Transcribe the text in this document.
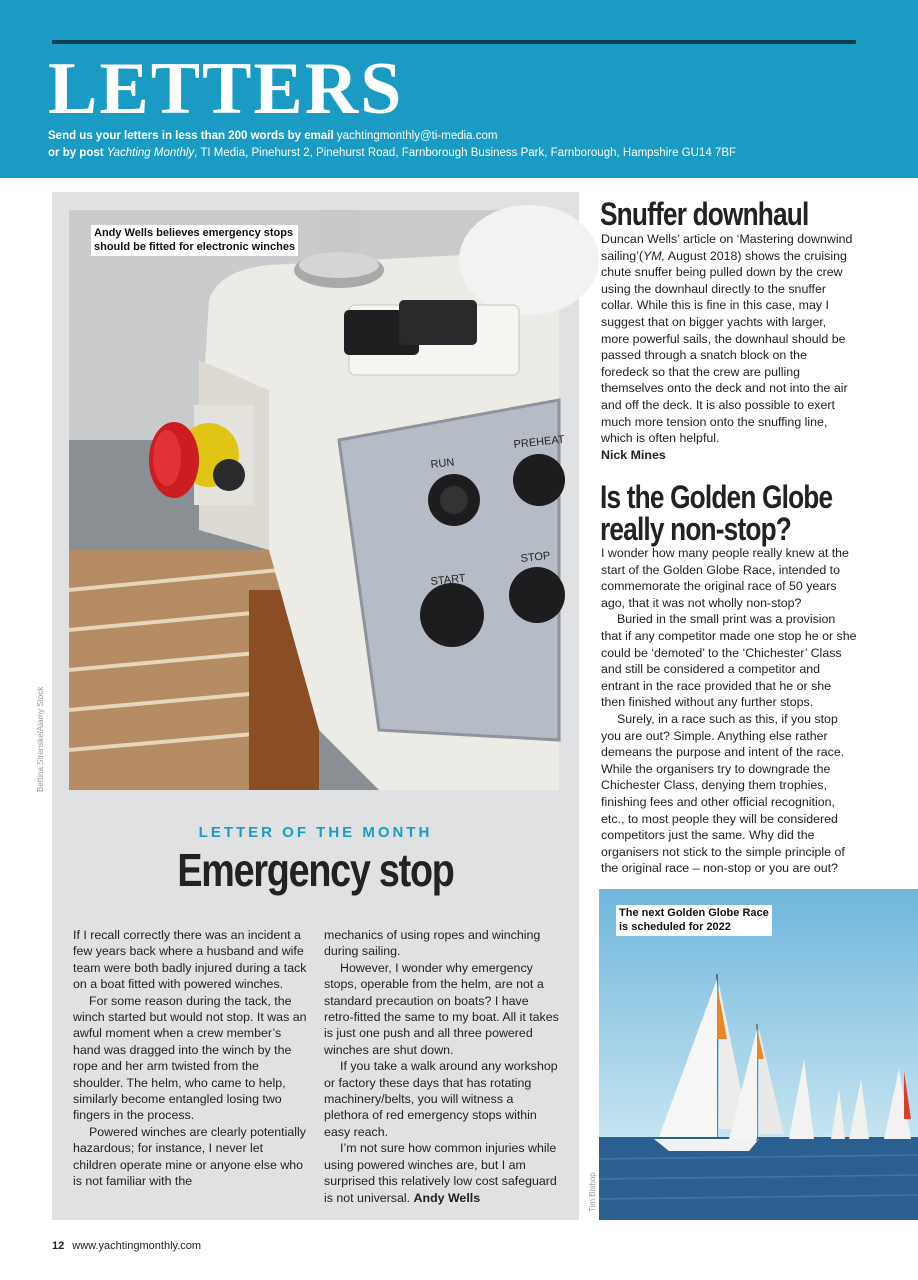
LETTERS
Send us your letters in less than 200 words by email yachtingmonthly@ti-media.com
or by post Yachting Monthly, TI Media, Pinehurst 2, Pinehurst Road, Farnborough Business Park, Farnborough, Hampshire GU14 7BF
RUN
PREHEAT
START
STOP
Andy Wells believes emergency stops
should be fitted for electronic winches
Bettina Strenske/Alamy Stock
LETTER OF THE MONTH
Emergency stop

If I recall correctly there was an incident a few years back where a husband and wife team were both badly injured during a tack on a boat fitted with powered winches.

For some reason during the tack, the winch started but would not stop. It was an awful moment when a crew member’s hand was dragged into the winch by the rope and her arm twisted from the shoulder. The helm, who came to help, similarly become entangled losing two fingers in the process.

Powered winches are clearly potentially hazardous; for instance, I never let children operate mine or anyone else who is not familiar with the

mechanics of using ropes and winching during sailing.

However, I wonder why emergency stops, operable from the helm, are not a standard precaution on boats? I have retro-fitted the same to my boat. All it takes is just one push and all three powered winches are shut down.

If you take a walk around any workshop or factory these days that has rotating machinery/belts, you will witness a plethora of red emergency stops within easy reach.

I’m not sure how common injuries while using powered winches are, but I am surprised this relatively low cost safeguard is not universal. Andy Wells

Snuffer downhaul

Duncan Wells’ article on ‘Mastering downwind sailing’(YM, August 2018) shows the cruising chute snuffer being pulled down by the crew using the downhaul directly to the snuffer collar. While this is fine in this case, may I suggest that on bigger yachts with larger, more powerful sails, the downhaul should be passed through a snatch block on the foredeck so that the crew are pulling themselves onto the deck and not into the air and off the deck. It is also possible to exert much more tension onto the snuffing line, which is often helpful.

Nick Mines

Is the Golden Globe
really non-stop?

I wonder how many people really knew at the start of the Golden Globe Race, intended to commemorate the original race of 50 years ago, that it was not wholly non-stop?

Buried in the small print was a provision that if any competitor made one stop he or she could be ‘demoted’ to the ‘Chichester’ Class and still be considered a competitor and entrant in the race provided that he or she then finished without any further stops.

Surely, in a race such as this, if you stop you are out? Simple. Anything else rather demeans the purpose and intent of the race. While the organisers try to downgrade the Chichester Class, denying them trophies, finishing fees and other official recognition, etc., to most people they will be considered competitors just the same. Why did the organisers not stick to the simple principle of the original race – non-stop or you are out?

The next Golden Globe Race
is scheduled for 2022
Tim Bishop
12 www.yachtingmonthly.com
